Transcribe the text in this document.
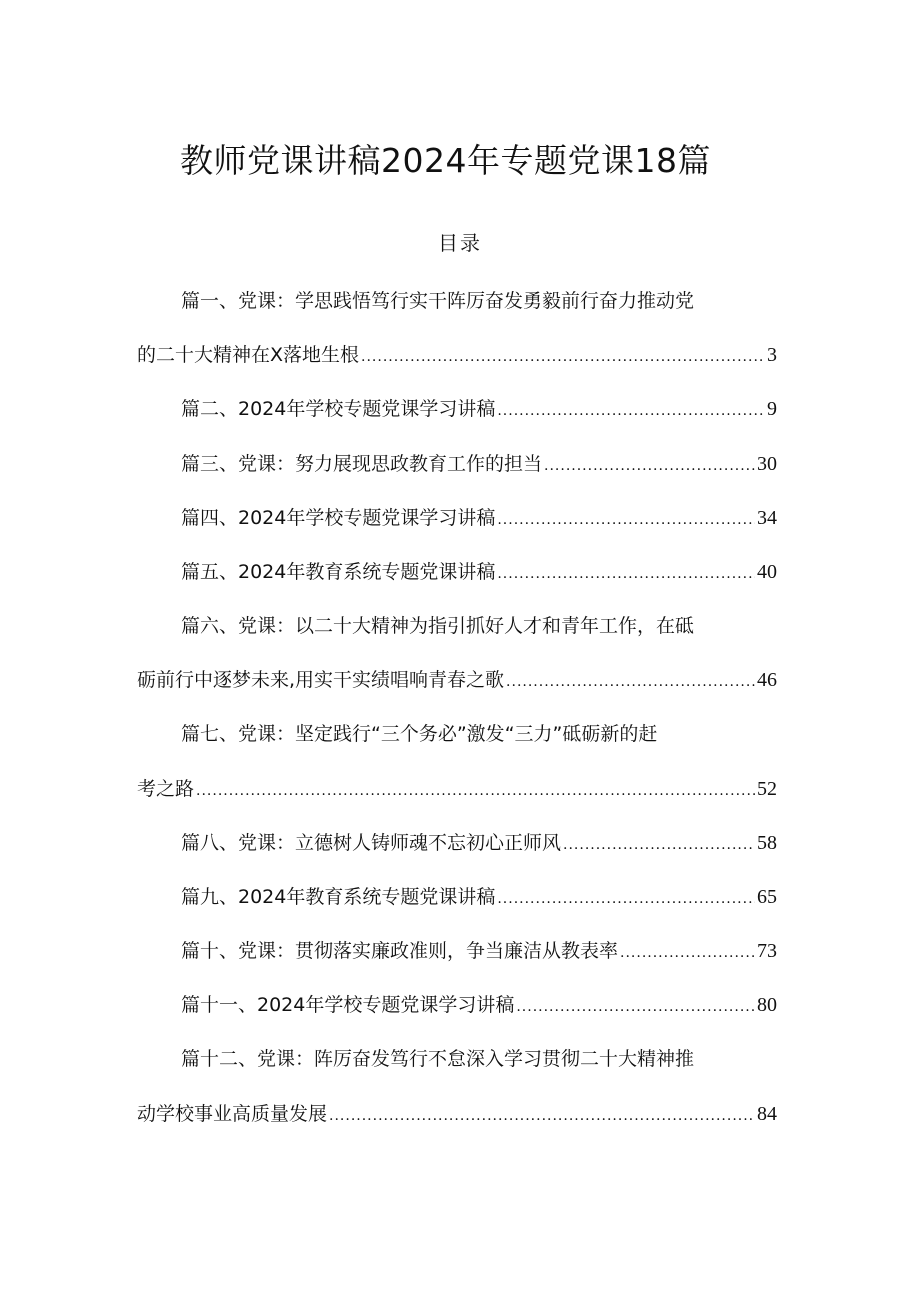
教师党课讲稿2024年专题党课18篇
目录
篇一、党课：学思践悟笃行实干阵厉奋发勇毅前行奋力推动党
的二十大精神在X落地生根 .....	3
篇二、2024年学校专题党课学习讲稿 .....	9
篇三、党课：努力展现思政教育工作的担当 .....	30
篇四、2024年学校专题党课学习讲稿 .....	34
篇五、2024年教育系统专题党课讲稿 .....	40
篇六、党课：以二十大精神为指引抓好人才和青年工作，在砥
砺前行中逐梦未来,用实干实绩唱响青春之歌 .....	46
篇七、党课：坚定践行“三个务必”激发“三力”砥砺新的赶
考之路 .....	52
篇八、党课：立德树人铸师魂不忘初心正师风 .....	58
篇九、2024年教育系统专题党课讲稿 .....	65
篇十、党课：贯彻落实廉政准则，争当廉洁从教表率 .....	73
篇十一、2024年学校专题党课学习讲稿 .....	80
篇十二、党课：阵厉奋发笃行不怠深入学习贯彻二十大精神推
动学校事业高质量发展 .....	84
